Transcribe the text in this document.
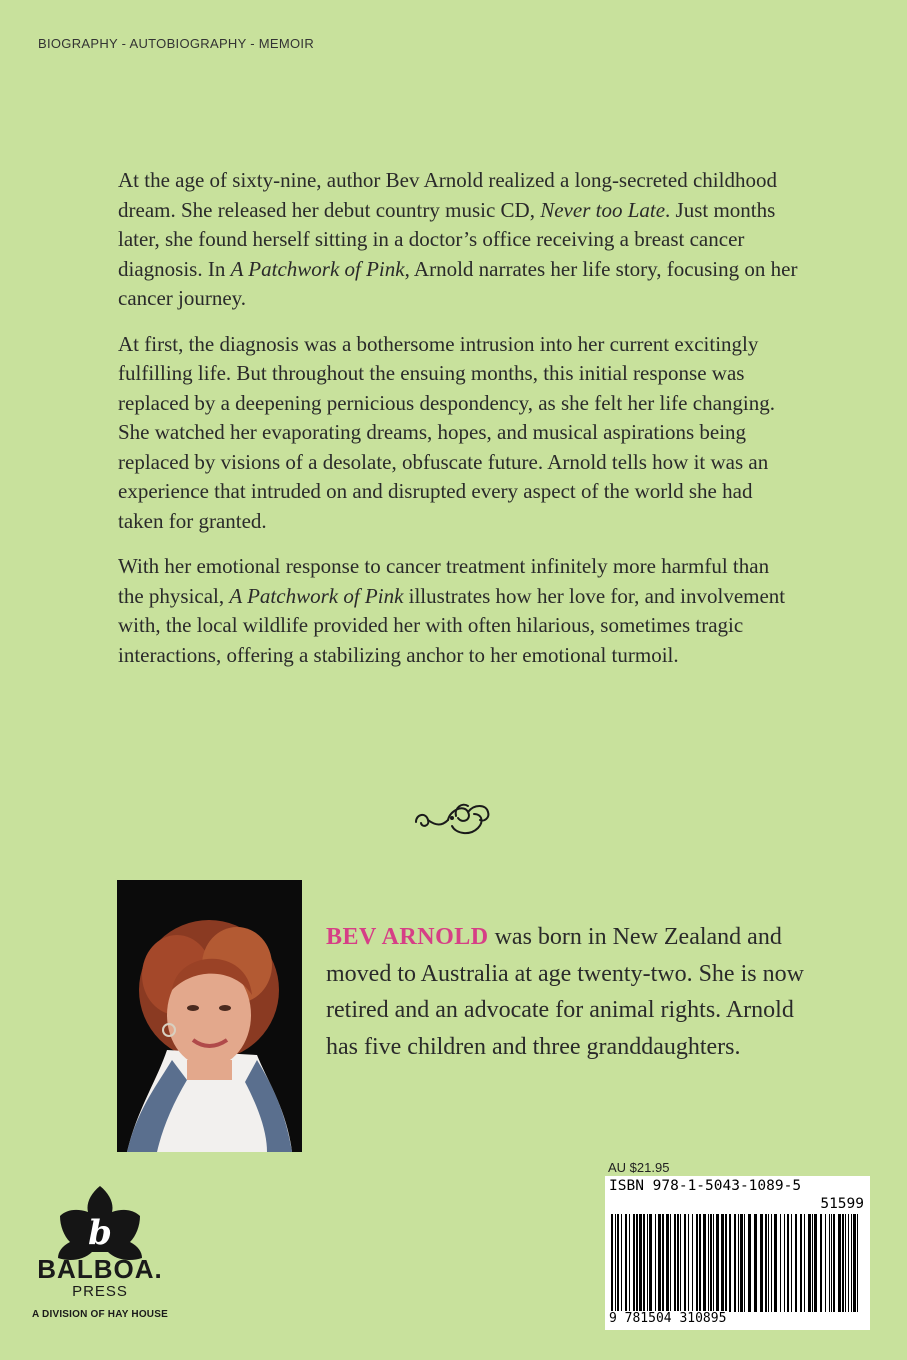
BIOGRAPHY - AUTOBIOGRAPHY - MEMOIR

At the age of sixty-nine, author Bev Arnold realized a long-secreted childhood dream. She released her debut country music CD, Never too Late. Just months later, she found herself sitting in a doctor’s office receiving a breast cancer diagnosis. In A Patchwork of Pink, Arnold narrates her life story, focusing on her cancer journey.

At first, the diagnosis was a bothersome intrusion into her current excitingly fulfilling life. But throughout the ensuing months, this initial response was replaced by a deepening pernicious despondency, as she felt her life changing. She watched her evaporating dreams, hopes, and musical aspirations being replaced by visions of a desolate, obfuscate future. Arnold tells how it was an experience that intruded on and disrupted every aspect of the world she had taken for granted.

With her emotional response to cancer treatment infinitely more harmful than the physical, A Patchwork of Pink illustrates how her love for, and involvement with, the local wildlife provided her with often hilarious, sometimes tragic interactions, offering a stabilizing anchor to her emotional turmoil.

BEV ARNOLD was born in New Zealand and moved to Australia at age twenty-two. She is now retired and an advocate for animal rights. Arnold has five children and three granddaughters.
b
BALBOA.
PRESS
A DIVISION OF HAY HOUSE
AU $21.95
ISBN 978-1-5043-1089-5
51599
9 781504 310895
